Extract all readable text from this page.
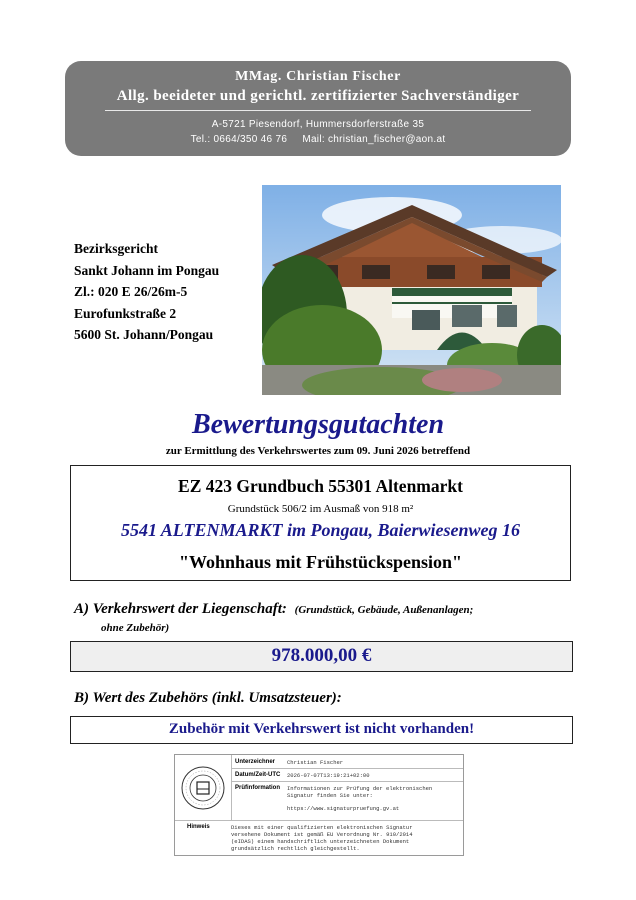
MMag. Christian Fischer
Allg. beeideter und gerichtl. zertifizierter Sachverständiger
A-5721 Piesendorf, Hummersdorferstraße 35
Tel.: 0664/350 46 76 Mail: christian_fischer@aon.at
Bezirksgericht
Sankt Johann im Pongau
Zl.: 020 E 26/26m-5
Eurofunkstraße 2
5600 St. Johann/Pongau
Bewertungsgutachten
zur Ermittlung des Verkehrswertes zum 09. Juni 2026 betreffend
EZ 423 Grundbuch 55301 Altenmarkt
Grundstück 506/2 im Ausmaß von 918 m²
5541 ALTENMARKT im Pongau, Baierwiesenweg 16
"Wohnhaus mit Frühstückspension"
A) Verkehrswert der Liegenschaft: (Grundstück, Gebäude, Außenanlagen;
ohne Zubehör)
978.000,00 €
B) Wert des Zubehörs (inkl. Umsatzsteuer):
Zubehör mit Verkehrswert ist nicht vorhanden!
Unterzeichner Christian Fischer
Datum/Zeit-UTC 2026-07-07T13:19:21+02:00
Prüfinformation Informationen zur Prüfung der elektronischen
Signatur finden Sie unter:
https://www.signaturpruefung.gv.at
Hinweis	Dieses mit einer qualifizierten elektronischen Signatur
versehene Dokument ist gemäß EU Verordnung Nr. 910/2014
(eIDAS) einem handschriftlich unterzeichneten Dokument
grundsätzlich rechtlich gleichgestellt.
